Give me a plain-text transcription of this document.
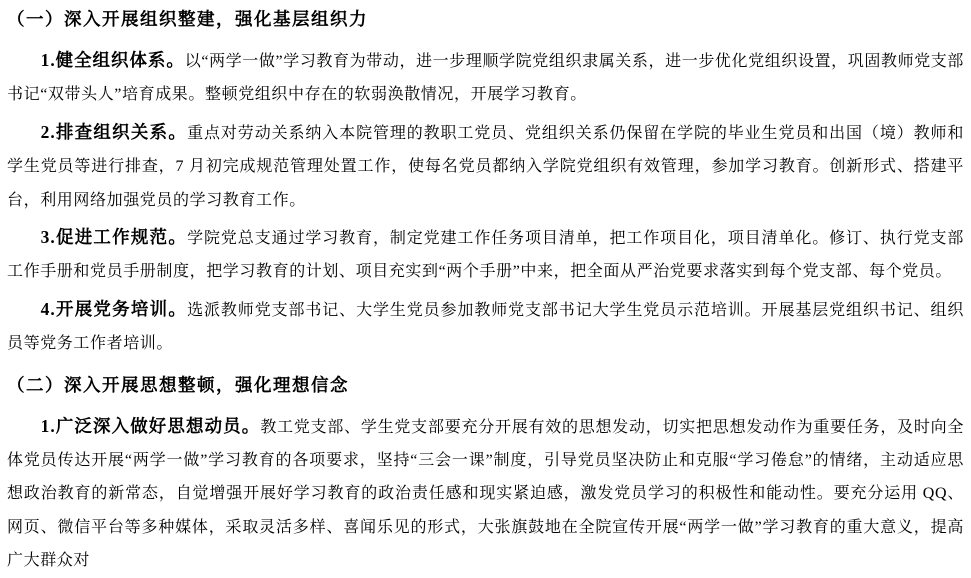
（一）深入开展组织整建，强化基层组织力

1.健全组织体系。以“两学一做”学习教育为带动，进一步理顺学院党组织隶属关系，进一步优化党组织设置，巩固教师党支部书记“双带头人”培育成果。整顿党组织中存在的软弱涣散情况，开展学习教育。

2.排查组织关系。重点对劳动关系纳入本院管理的教职工党员、党组织关系仍保留在学院的毕业生党员和出国（境）教师和学生党员等进行排查，7 月初完成规范管理处置工作，使每名党员都纳入学院党组织有效管理，参加学习教育。创新形式、搭建平台，利用网络加强党员的学习教育工作。

3.促进工作规范。学院党总支通过学习教育，制定党建工作任务项目清单，把工作项目化，项目清单化。修订、执行党支部工作手册和党员手册制度，把学习教育的计划、项目充实到“两个手册”中来，把全面从严治党要求落实到每个党支部、每个党员。

4.开展党务培训。选派教师党支部书记、大学生党员参加教师党支部书记大学生党员示范培训。开展基层党组织书记、组织员等党务工作者培训。

（二）深入开展思想整顿，强化理想信念

1.广泛深入做好思想动员。教工党支部、学生党支部要充分开展有效的思想发动，切实把思想发动作为重要任务，及时向全体党员传达开展“两学一做”学习教育的各项要求，坚持“三会一课”制度，引导党员坚决防止和克服“学习倦怠”的情绪，主动适应思想政治教育的新常态，自觉增强开展好学习教育的政治责任感和现实紧迫感，激发党员学习的积极性和能动性。要充分运用 QQ、网页、微信平台等多种媒体，采取灵活多样、喜闻乐见的形式，大张旗鼓地在全院宣传开展“两学一做”学习教育的重大意义，提高广大群众对
